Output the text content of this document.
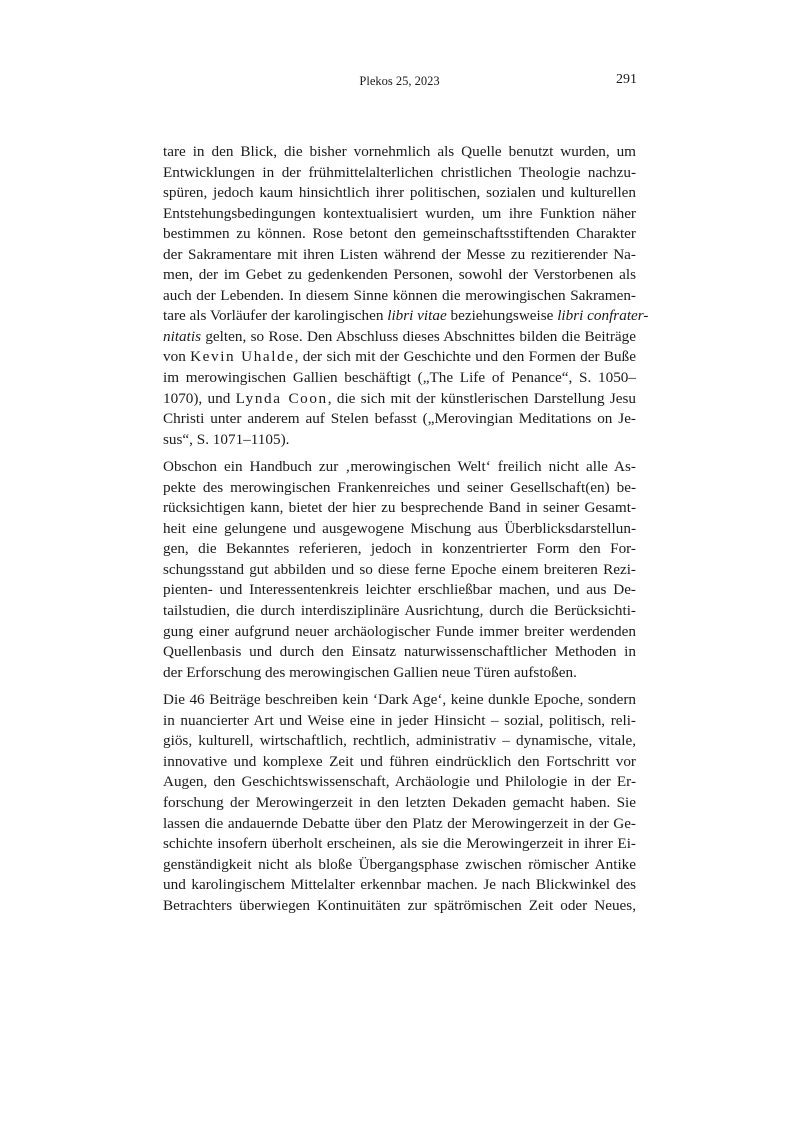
Plekos 25, 2023	291
tare in den Blick, die bisher vornehmlich als Quelle benutzt wurden, um
Entwicklungen in der frühmittelalterlichen christlichen Theologie nachzu-
spüren, jedoch kaum hinsichtlich ihrer politischen, sozialen und kulturellen
Entstehungsbedingungen kontextualisiert wurden, um ihre Funktion näher
bestimmen zu können. Rose betont den gemeinschaftsstiftenden Charakter
der Sakramentare mit ihren Listen während der Messe zu rezitierender Na-
men, der im Gebet zu gedenkenden Personen, sowohl der Verstorbenen als
auch der Lebenden. In diesem Sinne können die merowingischen Sakramen-
tare als Vorläufer der karolingischen libri vitae beziehungsweise libri confrater-
nitatis gelten, so Rose. Den Abschluss dieses Abschnittes bilden die Beiträge
von Kevin Uhalde, der sich mit der Geschichte und den Formen der Buße
im merowingischen Gallien beschäftigt („The Life of Penance“, S. 1050–
1070), und Lynda Coon, die sich mit der künstlerischen Darstellung Jesu
Christi unter anderem auf Stelen befasst („Merovingian Meditations on Je-
sus“, S. 1071–1105).
Obschon ein Handbuch zur ‚merowingischen Welt‘ freilich nicht alle As-
pekte des merowingischen Frankenreiches und seiner Gesellschaft(en) be-
rücksichtigen kann, bietet der hier zu besprechende Band in seiner Gesamt-
heit eine gelungene und ausgewogene Mischung aus Überblicksdarstellun-
gen, die Bekanntes referieren, jedoch in konzentrierter Form den For-
schungsstand gut abbilden und so diese ferne Epoche einem breiteren Rezi-
pienten- und Interessentenkreis leichter erschließbar machen, und aus De-
tailstudien, die durch interdisziplinäre Ausrichtung, durch die Berücksichti-
gung einer aufgrund neuer archäologischer Funde immer breiter werdenden
Quellenbasis und durch den Einsatz naturwissenschaftlicher Methoden in
der Erforschung des merowingischen Gallien neue Türen aufstoßen.
Die 46 Beiträge beschreiben kein ‘Dark Age‘, keine dunkle Epoche, sondern
in nuancierter Art und Weise eine in jeder Hinsicht – sozial, politisch, reli-
giös, kulturell, wirtschaftlich, rechtlich, administrativ – dynamische, vitale,
innovative und komplexe Zeit und führen eindrücklich den Fortschritt vor
Augen, den Geschichtswissenschaft, Archäologie und Philologie in der Er-
forschung der Merowingerzeit in den letzten Dekaden gemacht haben. Sie
lassen die andauernde Debatte über den Platz der Merowingerzeit in der Ge-
schichte insofern überholt erscheinen, als sie die Merowingerzeit in ihrer Ei-
genständigkeit nicht als bloße Übergangsphase zwischen römischer Antike
und karolingischem Mittelalter erkennbar machen. Je nach Blickwinkel des
Betrachters überwiegen Kontinuitäten zur spätrömischen Zeit oder Neues,
